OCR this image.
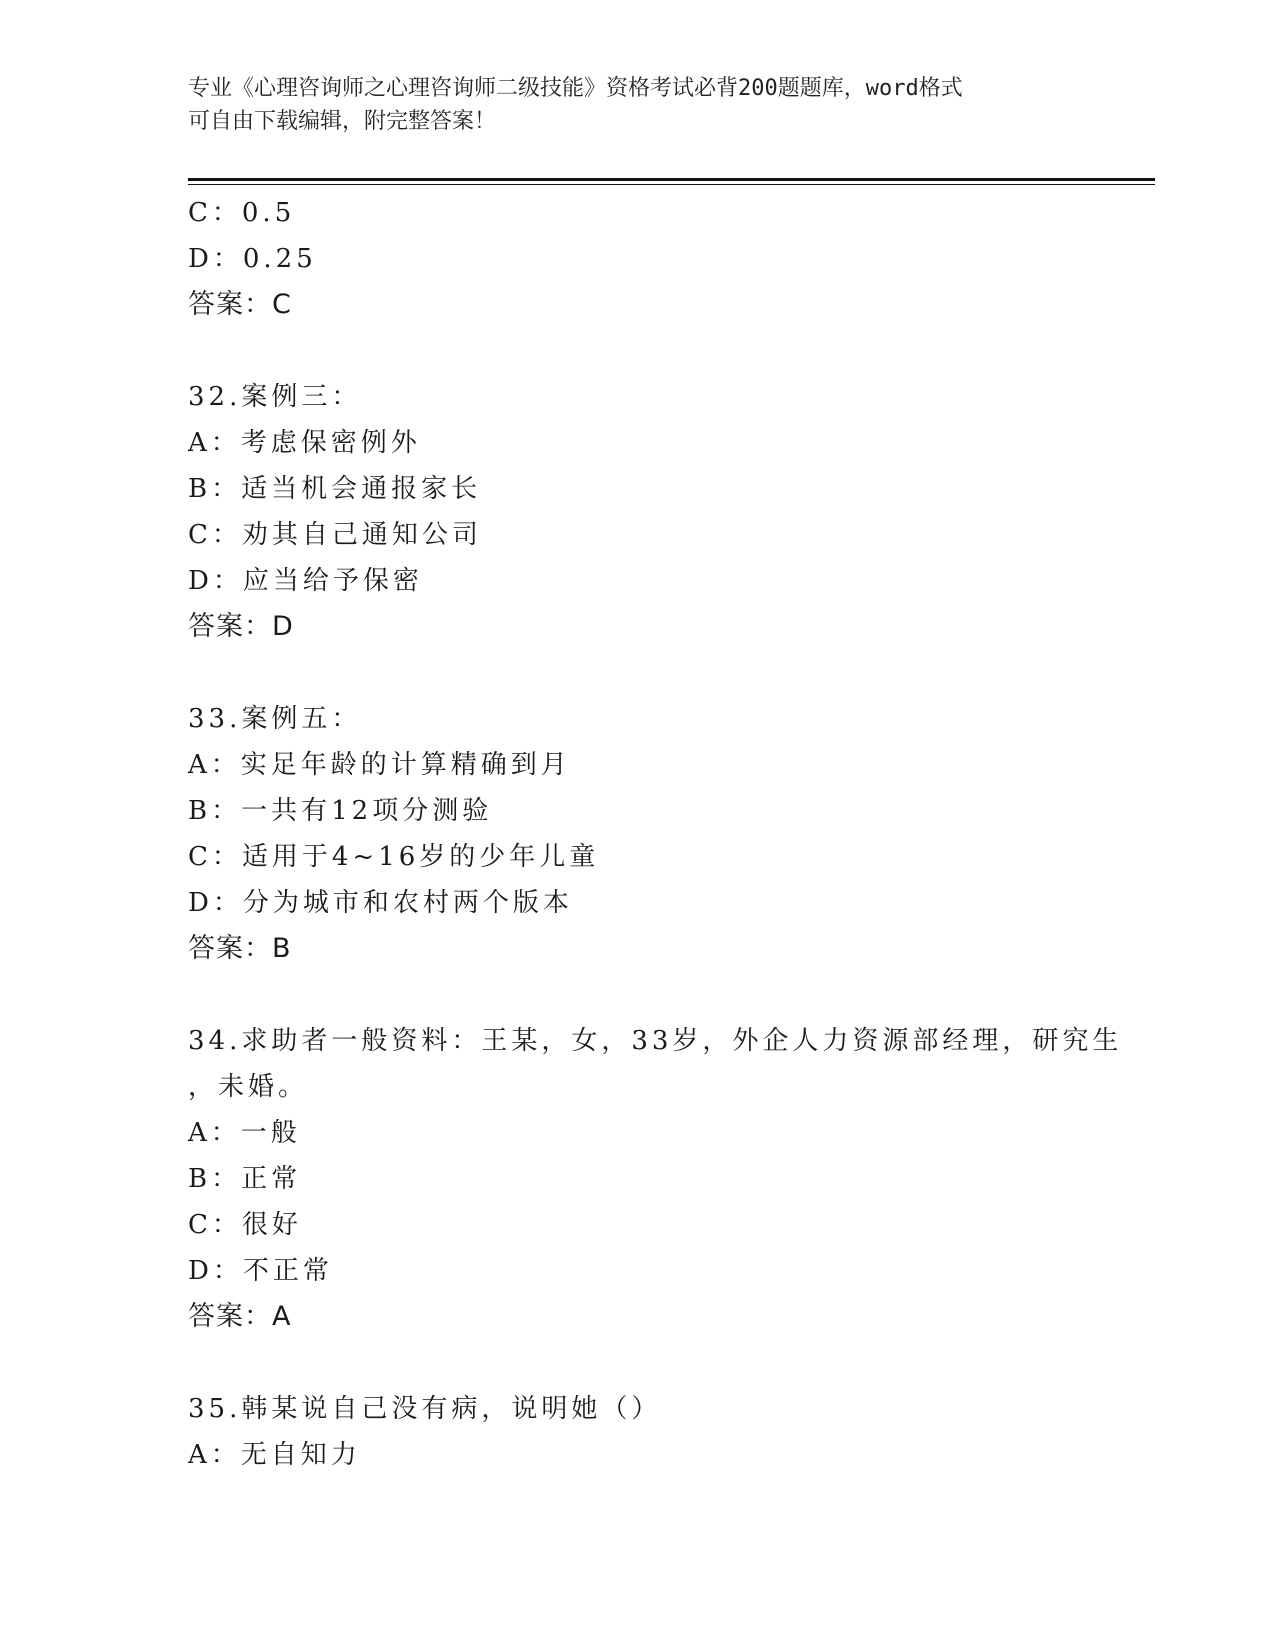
专业《心理咨询师之心理咨询师二级技能》资格考试必背200题题库，word格式
可自由下载编辑，附完整答案！
C：0.5
D：0.25
答案：C
32.案例三：
A：考虑保密例外
B：适当机会通报家长
C：劝其自己通知公司
D：应当给予保密
答案：D
33.案例五：
A：实足年龄的计算精确到月
B：一共有12项分测验
C：适用于4~16岁的少年儿童
D：分为城市和农村两个版本
答案：B
34.求助者一般资料：王某，女，33岁，外企人力资源部经理，研究生
，未婚。
A：一般
B：正常
C：很好
D：不正常
答案：A
35.韩某说自己没有病，说明她（）
A：无自知力
